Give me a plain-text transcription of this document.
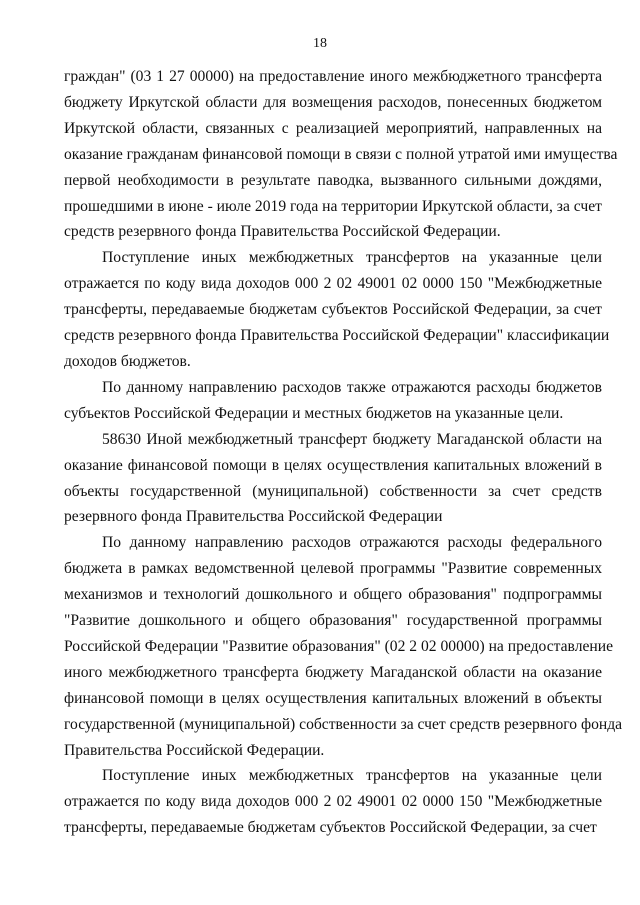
18
граждан" (03 1 27 00000) на предоставление иного межбюджетного трансферта
бюджету Иркутской области для возмещения расходов, понесенных бюджетом
Иркутской области, связанных с реализацией мероприятий, направленных на
оказание гражданам финансовой помощи в связи с полной утратой ими имущества
первой необходимости в результате паводка, вызванного сильными дождями,
прошедшими в июне - июле 2019 года на территории Иркутской области, за счет
средств резервного фонда Правительства Российской Федерации.
Поступление иных межбюджетных трансфертов на указанные цели
отражается по коду вида доходов 000 2 02 49001 02 0000 150 "Межбюджетные
трансферты, передаваемые бюджетам субъектов Российской Федерации, за счет
средств резервного фонда Правительства Российской Федерации" классификации
доходов бюджетов.
По данному направлению расходов также отражаются расходы бюджетов
субъектов Российской Федерации и местных бюджетов на указанные цели.
58630 Иной межбюджетный трансферт бюджету Магаданской области на
оказание финансовой помощи в целях осуществления капитальных вложений в
объекты государственной (муниципальной) собственности за счет средств
резервного фонда Правительства Российской Федерации
По данному направлению расходов отражаются расходы федерального
бюджета в рамках ведомственной целевой программы "Развитие современных
механизмов и технологий дошкольного и общего образования" подпрограммы
"Развитие дошкольного и общего образования" государственной программы
Российской Федерации "Развитие образования" (02 2 02 00000) на предоставление
иного межбюджетного трансферта бюджету Магаданской области на оказание
финансовой помощи в целях осуществления капитальных вложений в объекты
государственной (муниципальной) собственности за счет средств резервного фонда
Правительства Российской Федерации.
Поступление иных межбюджетных трансфертов на указанные цели
отражается по коду вида доходов 000 2 02 49001 02 0000 150 "Межбюджетные
трансферты, передаваемые бюджетам субъектов Российской Федерации, за счет
